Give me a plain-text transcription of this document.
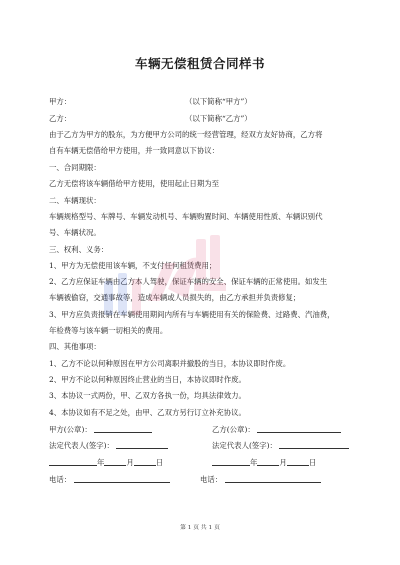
车辆无偿租赁合同样书
甲方：	（以下简称“甲方”）
乙方：	（以下简称“乙方”）
由于乙方为甲方的股东，为方便甲方公司的统一经营管理，经双方友好协商，乙方将
自有车辆无偿借给甲方使用，并一致同意以下协议：
一、合同期限：
乙方无偿将该车辆借给甲方使用，使用起止日期为至
二、车辆现状：
车辆规格型号、车牌号、车辆发动机号、车辆购置时间、车辆使用性质、车辆识别代
号、车辆状况。
三、权利、义务：
1、甲方为无偿使用该车辆，不支付任何租赁费用；
2、乙方应保证车辆由乙方本人驾驶，保证车辆的安全、保证车辆的正常使用。如发生
车辆被偷窃，交通事故等，造成车辆或人员损失的，由乙方承担并负责修复；
3、甲方应负责报销在车辆使用期间内所有与车辆使用有关的保险费、过路费、汽油费，
年检费等与该车辆一切相关的费用。
四、其他事项：
1、乙方不论以何种原因在甲方公司离职并撤股的当日，本协议即时作废。
2、甲方不论以何种原因终止营业的当日，本协议即时作废。
3、本协议一式两份，甲、乙双方各执一份，均具法律效力。
4、本协议如有不足之处，由甲、乙双方另行订立补充协议。
甲方(公章)：	乙方(公章)：
法定代表人(签字)：	法定代表人(签字)：
年	月	日	年	月	日
电话：	电话：
第 1 页 共 1 页
